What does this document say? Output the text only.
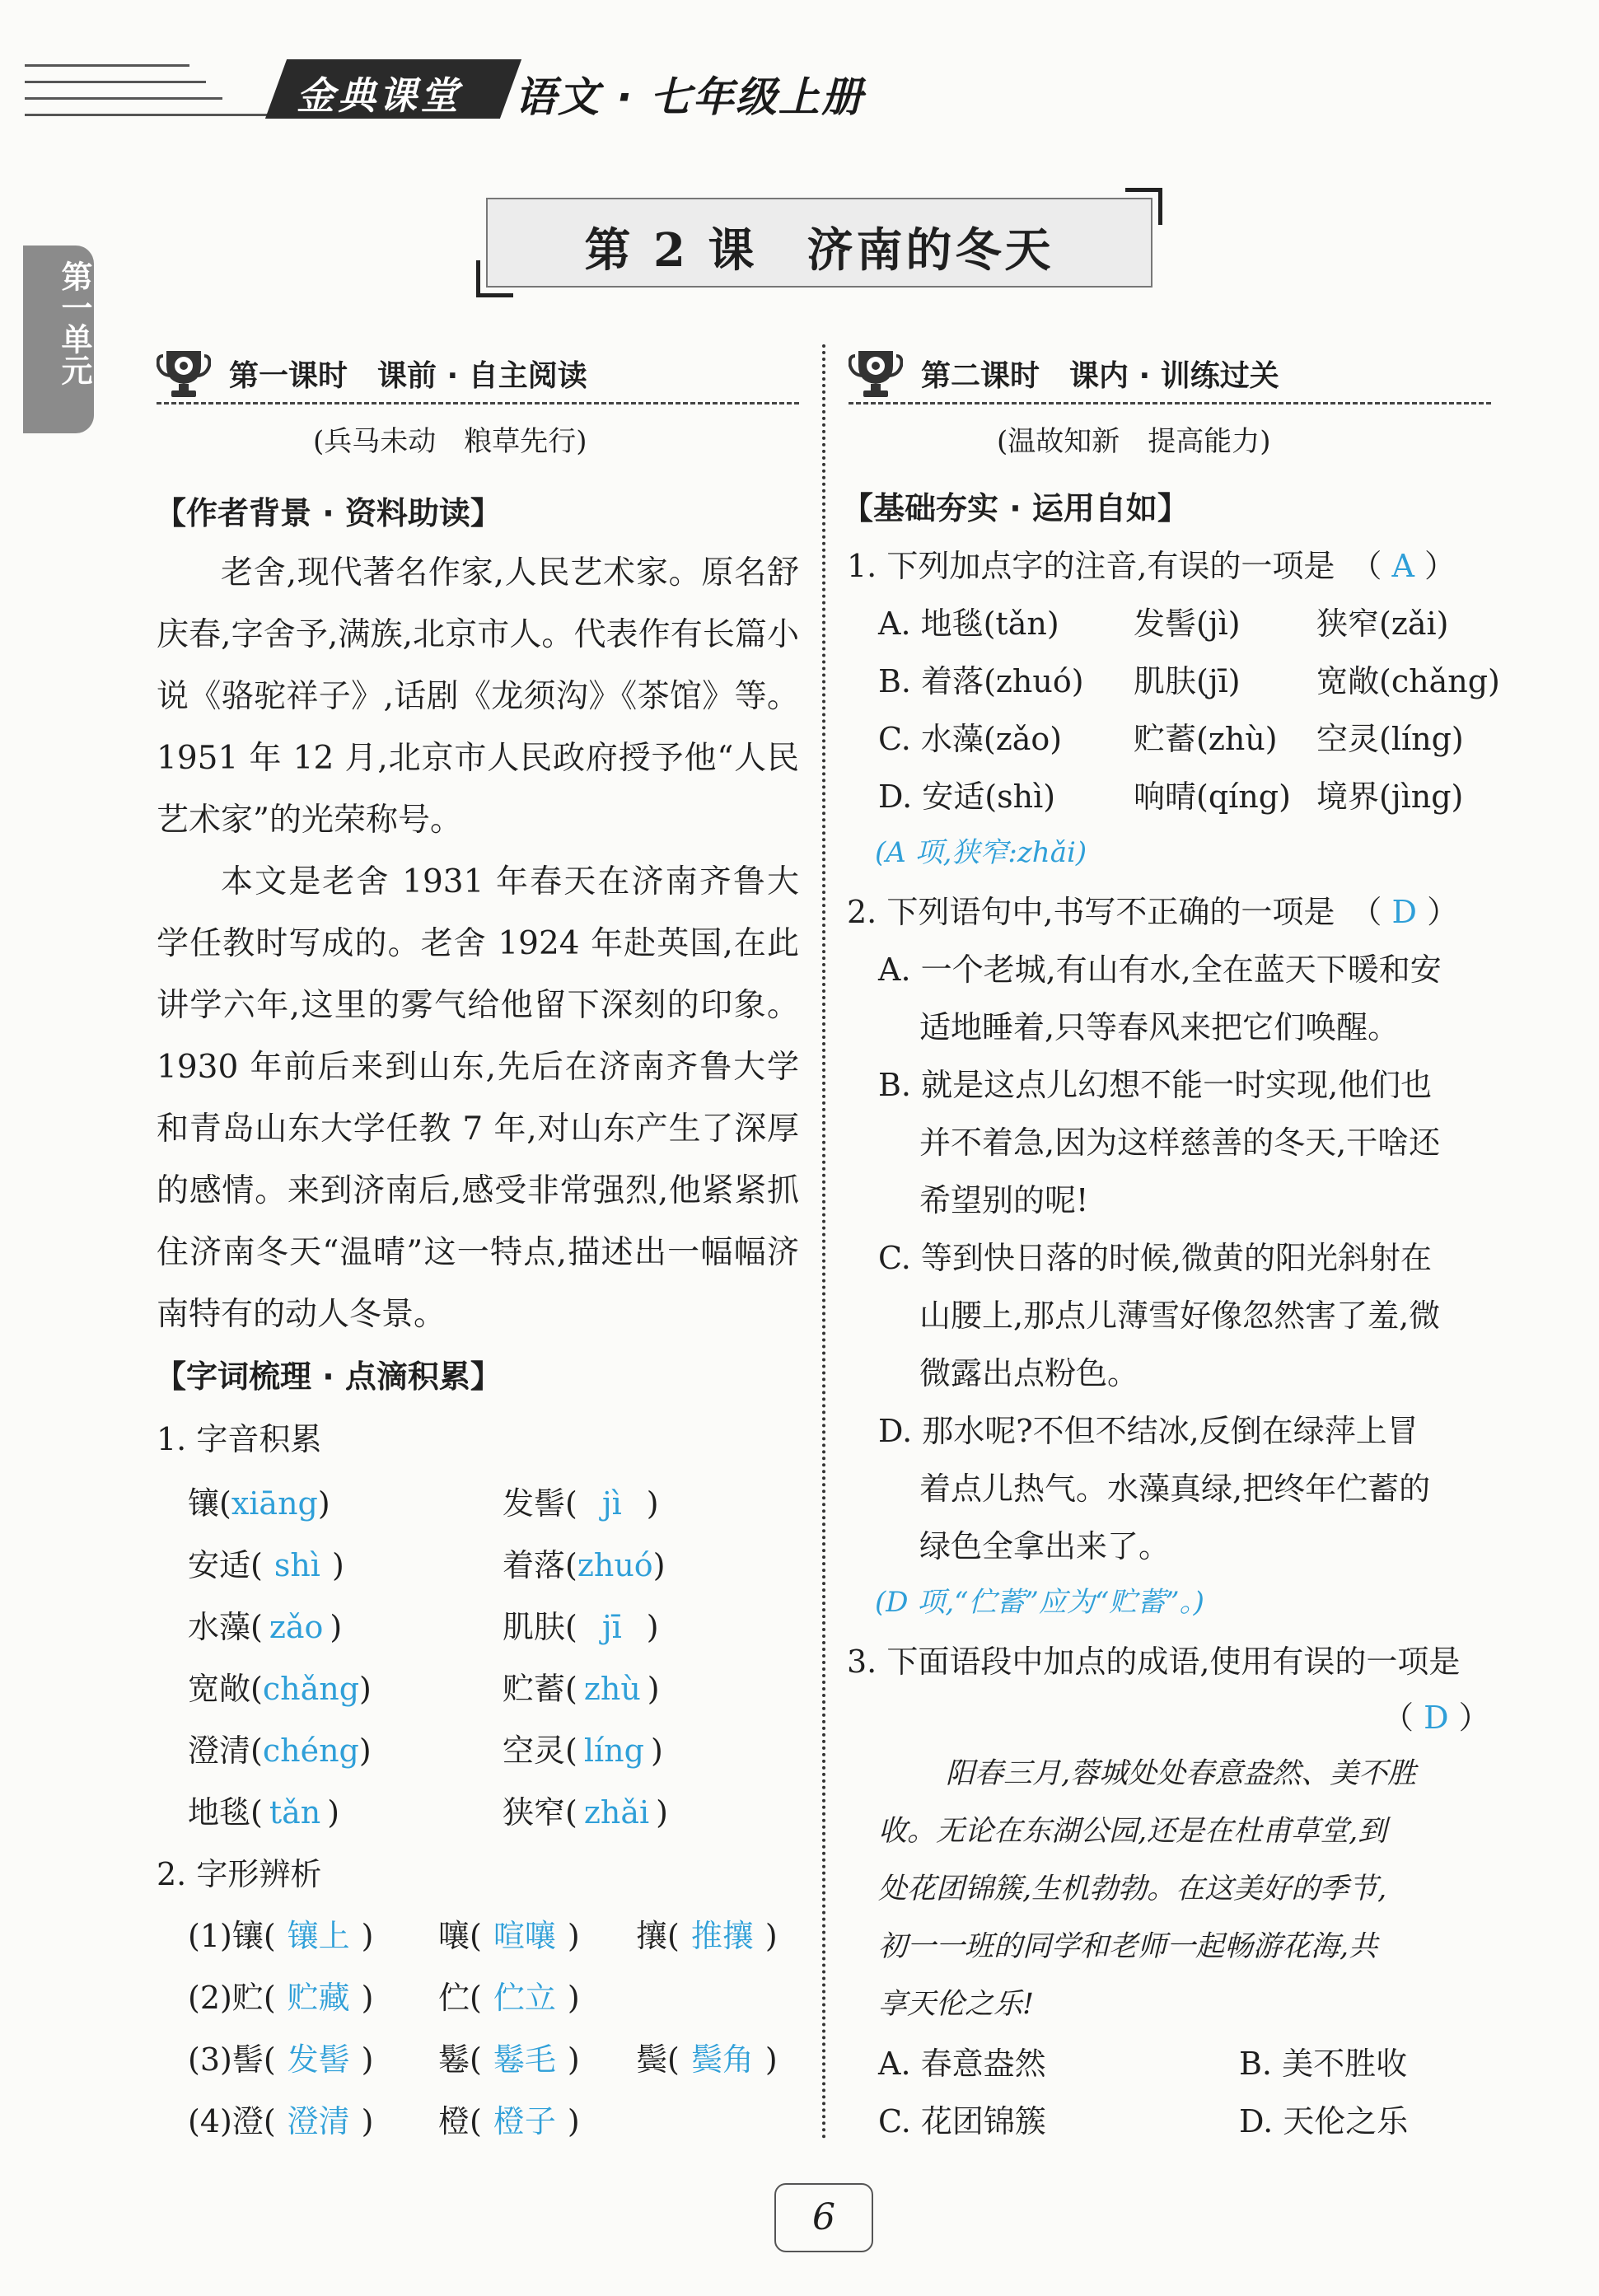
金典课堂 语文 · 七年级上册
第一单元
第 2 课　济南的冬天
第一课时　课前 · 自主阅读
(兵马未动　粮草先行)
第二课时　课内 · 训练过关
(温故知新　提高能力)
【作者背景 · 资料助读】

老舍,现代著名作家,人民艺术家。原名舒庆春,字舍予,满族,北京市人。代表作有长篇小说《骆驼祥子》,话剧《龙须沟》《茶馆》等。1951 年 12 月,北京市人民政府授予他“人民艺术家”的光荣称号。

本文是老舍 1931 年春天在济南齐鲁大学任教时写成的。老舍 1924 年赴英国,在此讲学六年,这里的雾气给他留下深刻的印象。1930 年前后来到山东,先后在济南齐鲁大学和青岛山东大学任教 7 年,对山东产生了深厚的感情。来到济南后,感受非常强烈,他紧紧抓住济南冬天“温晴”这一特点,描述出一幅幅济南特有的动人冬景。

【字词梳理 · 点滴积累】
1. 字音积累
镶(xiāng)	发髻( jì )
安适( shì )	着落(zhuó)
水藻( zǎo )	肌肤( jī )
宽敞(chǎng)	贮蓄( zhù )
澄清(chéng)	空灵( líng )
地毯( tǎn )	狭窄( zhǎi )
2. 字形辨析
(1)镶( 镶上 ) 嚷( 喧嚷 ) 攘( 推攘 )
(2)贮( 贮藏 ) 伫( 伫立 )
(3)髻( 发髻 ) 鬈( 鬈毛 ) 鬓( 鬓角 )
(4)澄( 澄清 ) 橙( 橙子 )
【基础夯实 · 运用自如】
1. 下列加点字的注音,有误的一项是　（ A ）
A. 地毯(tǎn) 发髻(jì) 狭窄(zǎi)
B. 着落(zhuó) 肌肤(jī) 宽敞(chǎng)
C. 水藻(zǎo) 贮蓄(zhù) 空灵(líng)
D. 安适(shì) 响晴(qíng) 境界(jìng)
(A 项,狭窄:zhǎi)
2. 下列语句中,书写不正确的一项是　（ D ）
A. 一个老城,有山有水,全在蓝天下暖和安
适地睡着,只等春风来把它们唤醒。
B. 就是这点儿幻想不能一时实现,他们也
并不着急,因为这样慈善的冬天,干啥还
希望别的呢!
C. 等到快日落的时候,微黄的阳光斜射在
山腰上,那点儿薄雪好像忽然害了羞,微
微露出点粉色。
D. 那水呢?不但不结冰,反倒在绿萍上冒
着点儿热气。水藻真绿,把终年伫蓄的
绿色全拿出来了。
(D 项,“伫蓄”应为“贮蓄”。)
3. 下面语段中加点的成语,使用有误的一项是
（ D ）
阳春三月,蓉城处处春意盎然、美不胜
收。无论在东湖公园,还是在杜甫草堂,到
处花团锦簇,生机勃勃。在这美好的季节,
初一一班的同学和老师一起畅游花海,共
享天伦之乐!
A. 春意盎然	B. 美不胜收
C. 花团锦簇	D. 天伦之乐
6
